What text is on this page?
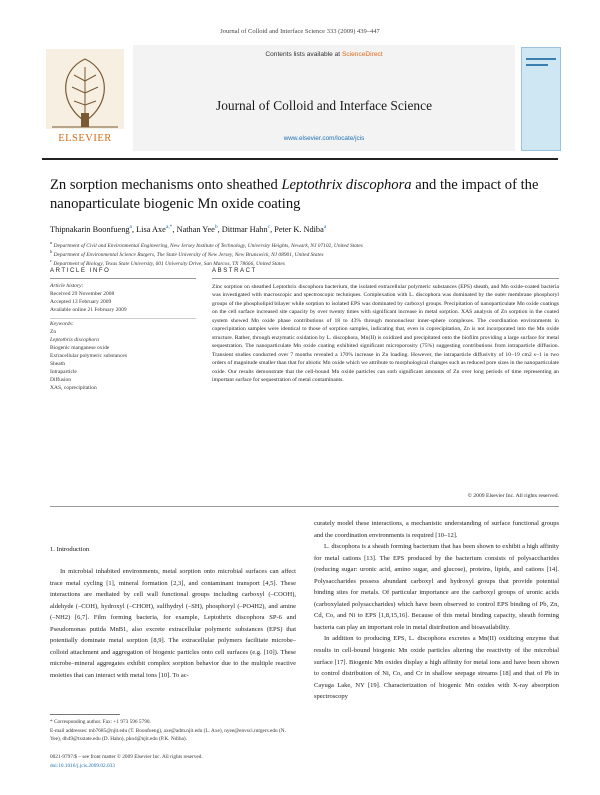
Journal of Colloid and Interface Science 333 (2009) 439–447
Contents lists available at ScienceDirect
Journal of Colloid and Interface Science
www.elsevier.com/locate/jcis
ELSEVIER
Zn sorption mechanisms onto sheathed Leptothrix discophora and the impact of the nanoparticulate biogenic Mn oxide coating
Thipnakarin Boonfueng$^a$, Lisa Axe$^{a,*}$, Nathan Yee$^b$, Dittmar Hahn$^c$, Peter K. Ndiba$^a$
$^a$ Department of Civil and Environmental Engineering, New Jersey Institute of Technology, University Heights, Newark, NJ 07102, United States
$^b$ Department of Environmental Science Rutgers, The State University of New Jersey, New Brunswick, NJ 08901, United States
$^c$ Department of Biology, Texas State University, 601 University Drive, San Marcos, TX 78666, United States
ARTICLE INFO	ABSTRACT
Article history:
Received 29 November 2008
Accepted 13 February 2009
Available online 21 February 2009
Keywords:
Zn
Leptothrix discophora
Biogenic manganese oxide
Extracellular polymeric substances
Sheath
Intraparticle
Diffusion
XAS, coprecipitation
Zinc sorption on sheathed Leptothrix discophora bacterium, the isolated extracellular polymeric substances (EPS) sheath, and Mn oxide-coated bacteria was investigated with macroscopic and spectroscopic techniques. Complexation with L. discophora was dominated by the outer membrane phosphoryl groups of the phospholipid bilayer while sorption to isolated EPS was dominated by carboxyl groups. Precipitation of nanoparticulate Mn oxide coatings on the cell surface increased site capacity by over twenty times with significant increase in metal sorption. XAS analysis of Zn sorption in the coated system showed Mn oxide phase contributions of 18 to 43% through mononuclear inner-sphere complexes. The coordination environments in coprecipitation samples were identical to those of sorption samples, indicating that, even in coprecipitation, Zn is not incorporated into the Mn oxide structure. Rather, through enzymatic oxidation by L. discophora, Mn(II) is oxidized and precipitated onto the biofilm providing a large surface for metal sequestration. The nanoparticulate Mn oxide coating exhibited significant microporosity (75%) suggesting contributions from intraparticle diffusion. Transient studies conducted over 7 months revealed a 170% increase in Zn loading. However, the intraparticle diffusivity of 10−19 cm2 s−1 in two orders of magnitude smaller than that for abiotic Mn oxide which we attribute to morphological changes such as reduced pore sizes in the nanoparticulate oxide. Our results demonstrate that the cell-bound Mn oxide particles can sorb significant amounts of Zn over long periods of time representing an important surface for sequestration of metal contaminants.
© 2009 Elsevier Inc. All rights reserved.
1. Introduction

In microbial inhabited environments, metal sorption onto microbial surfaces can affect trace metal cycling [1], mineral formation [2,3], and contaminant transport [4,5]. These interactions are mediated by cell wall functional groups including carboxyl (–COOH), aldehyde (–COH), hydroxyl (–CHOH), sulfhydryl (–SH), phosphoryl (–PO4H2), and amine (–NH2) [6,7]. Film forming bacteria, for example, Leptothrix discophora SP-6 and Pseudomonas putida MnB1, also excrete extracellular polymeric substances (EPS) that potentially dominate metal sorption [8,9]. The extracellular polymers facilitate microbe–colloid attachment and aggregation of biogenic particles onto cell surfaces (e.g. [10]). These microbe–mineral aggregates exhibit complex sorption behavior due to the multiple reactive moieties that can interact with metal ions [10]. To ac-

curately model these interactions, a mechanistic understanding of surface functional groups and the coordination environments is required [10–12].

L. discophora is a sheath forming bacterium that has been shown to exhibit a high affinity for metal cations [13]. The EPS produced by the bacterium consists of polysaccharides (reducing sugar: uronic acid, amino sugar, and glucose), proteins, lipids, and cations [14]. Polysaccharides possess abundant carboxyl and hydroxyl groups that provide potential binding sites for metals. Of particular importance are the carboxyl groups of uronic acids (carboxylated polysaccharides) which have been observed to control EPS binding of Pb, Zn, Cd, Co, and Ni to EPS [1,8,15,16]. Because of this metal binding capacity, sheath forming bacteria can play an important role in metal distribution and bioavailability.

In addition to producing EPS, L. discophora excretes a Mn(II) oxidizing enzyme that results in cell-bound biogenic Mn oxide particles altering the reactivity of the microbial surface [17]. Biogenic Mn oxides display a high affinity for metal ions and have been shown to control distribution of Ni, Co, and Cr in shallow seepage streams [18] and that of Pb in Cayuga Lake, NY [19]. Characterization of biogenic Mn oxides with X-ray absorption spectroscopy

* Corresponding author. Fax: +1 973 596 5790.
E-mail addresses: tnb7685@njit.edu (T. Boonfueng), axe@adm.njit.edu (L. Axe), nyee@envsci.rutgers.edu (N. Yee), dh49@txstate.edu (D. Hahn), pkn4@njit.edu (P.K. Ndiba).
0021-9797/$ – see front matter © 2009 Elsevier Inc. All rights reserved.
doi:10.1016/j.jcis.2009.02.033
